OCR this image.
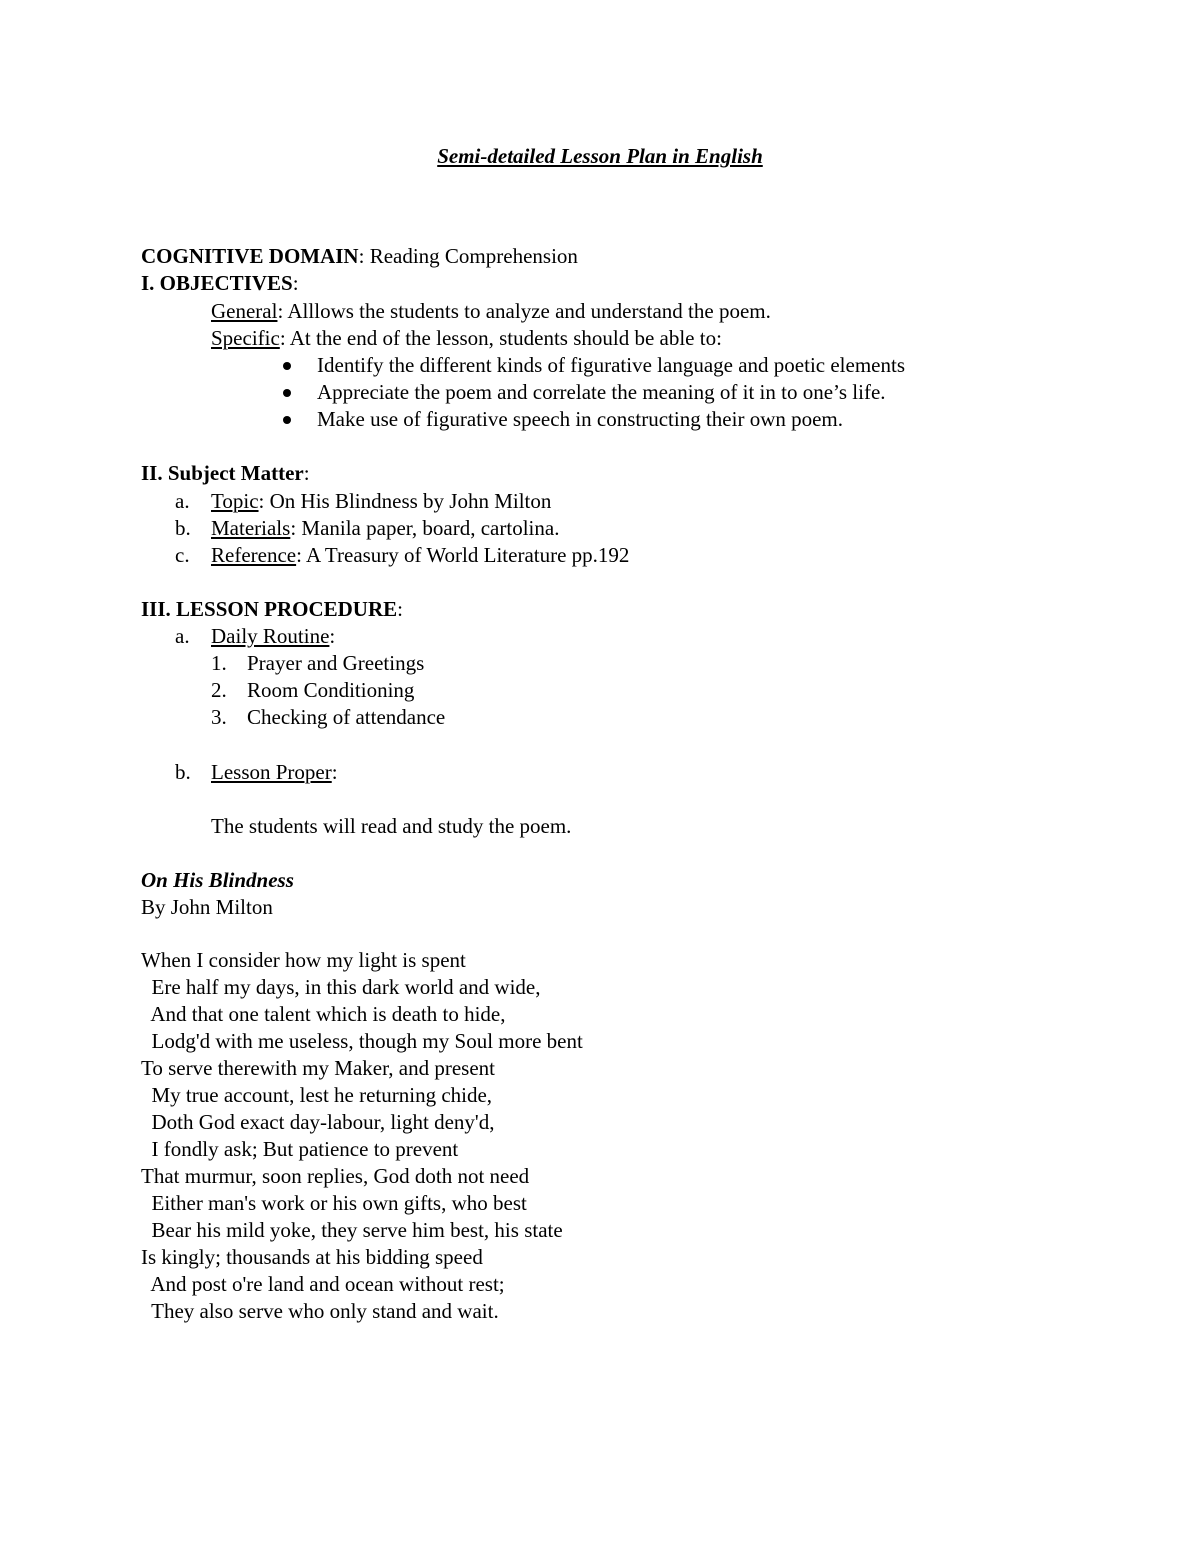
Semi-detailed Lesson Plan in English
COGNITIVE DOMAIN: Reading Comprehension
I. OBJECTIVES:
General: Alllows the students to analyze and understand the poem.
Specific: At the end of the lesson, students should be able to:

Identify the different kinds of figurative language and poetic elements

Appreciate the poem and correlate the meaning of it in to one’s life.

Make use of figurative speech in constructing their own poem.

II. Subject Matter:

a.

Topic: On His Blindness by John Milton

b.

Materials: Manila paper, board, cartolina.

c.

Reference: A Treasury of World Literature pp.192

III. LESSON PROCEDURE:

a.

Daily Routine:

1.

Prayer and Greetings

2.

Room Conditioning

3.

Checking of attendance

b.

Lesson Proper:

The students will read and study the poem.
On His Blindness
By John Milton
When I consider how my light is spent
Ere half my days, in this dark world and wide,
And that one talent which is death to hide,
Lodg'd with me useless, though my Soul more bent
To serve therewith my Maker, and present
My true account, lest he returning chide,
Doth God exact day-labour, light deny'd,
I fondly ask; But patience to prevent
That murmur, soon replies, God doth not need
Either man's work or his own gifts, who best
Bear his mild yoke, they serve him best, his state
Is kingly; thousands at his bidding speed
And post o're land and ocean without rest;
They also serve who only stand and wait.
